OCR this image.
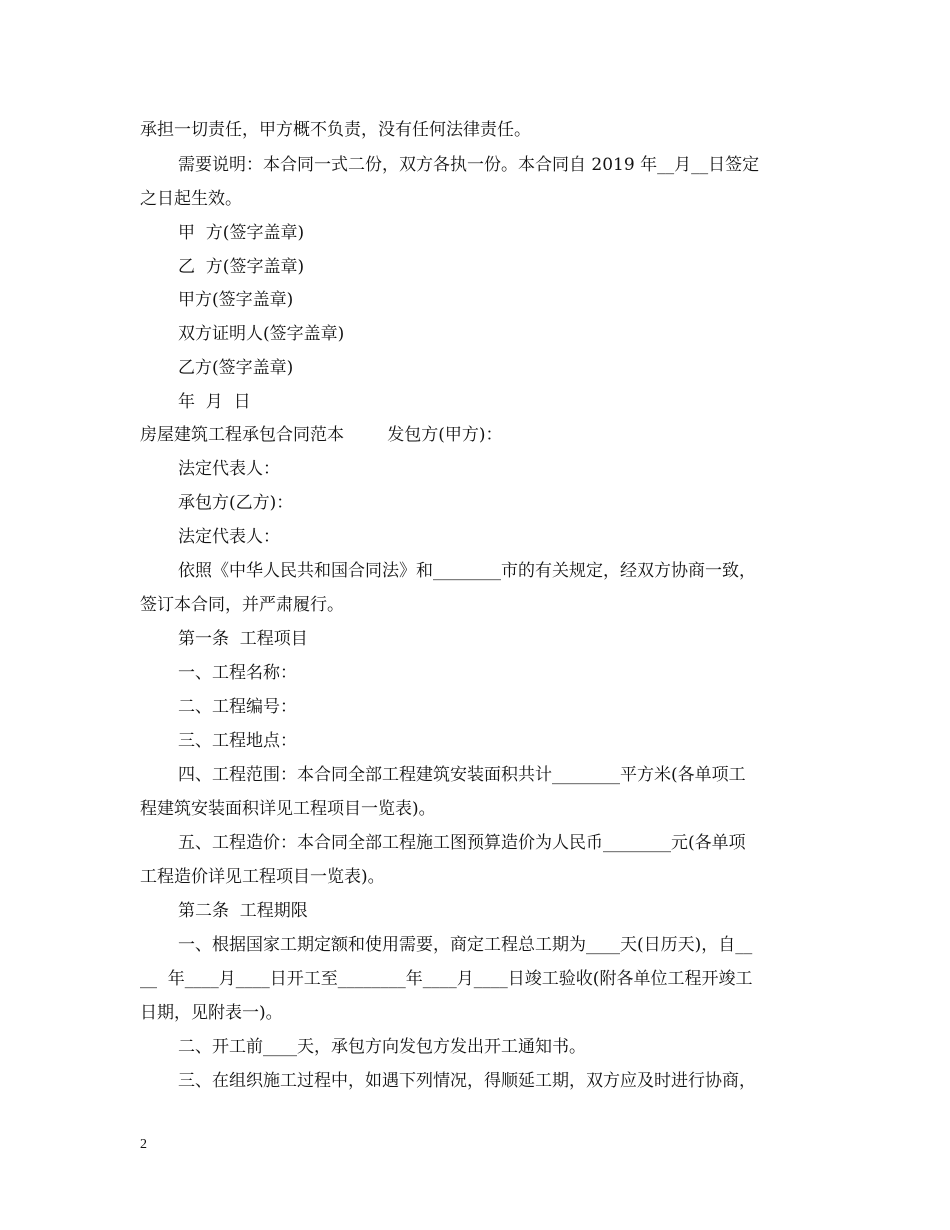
承担一切责任，甲方概不负责，没有任何法律责任。
需要说明：本合同一式二份，双方各执一份。本合同自 2019 年__月__日签定
之日起生效。
甲  方(签字盖章)
乙  方(签字盖章)
甲方(签字盖章)
双方证明人(签字盖章)
乙方(签字盖章)
年  月  日
房屋建筑工程承包合同范本        发包方(甲方)：
法定代表人：
承包方(乙方)：
法定代表人：
依照《中华人民共和国合同法》和________市的有关规定，经双方协商一致，
签订本合同，并严肃履行。
第一条  工程项目
一、工程名称：
二、工程编号：
三、工程地点：
四、工程范围：本合同全部工程建筑安装面积共计________平方米(各单项工
程建筑安装面积详见工程项目一览表)。
五、工程造价：本合同全部工程施工图预算造价为人民币________元(各单项
工程造价详见工程项目一览表)。
第二条  工程期限
一、根据国家工期定额和使用需要，商定工程总工期为____天(日历天)，自__
__  年____月____日开工至________年____月____日竣工验收(附各单位工程开竣工
日期，见附表一)。
二、开工前____天，承包方向发包方发出开工通知书。
三、在组织施工过程中，如遇下列情况，得顺延工期，双方应及时进行协商，
2
